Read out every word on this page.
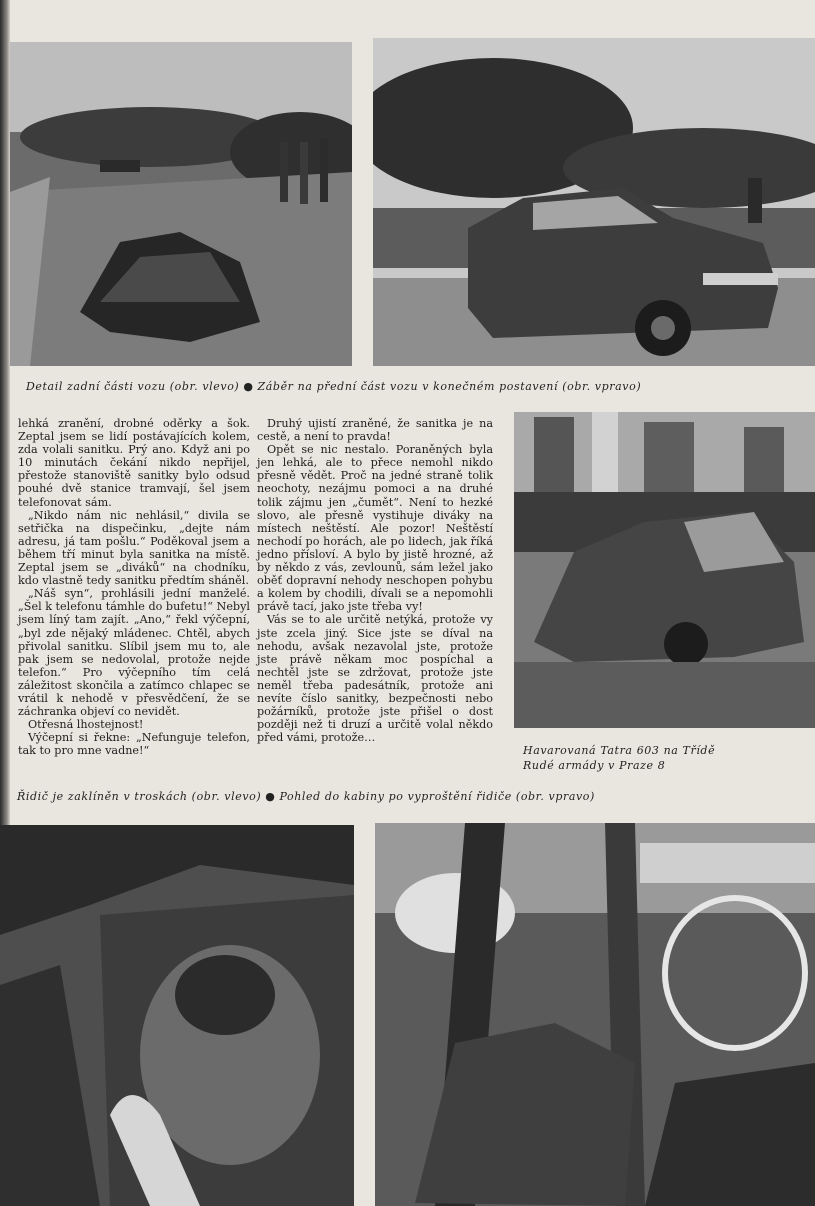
Detail zadní části vozu (obr. vlevo) ● Záběr na přední část vozu v konečném postavení (obr. vpravo)

lehká zranění, drobné oděrky a šok. Zeptal jsem se lidí postávajících kolem, zda volali sanitku. Prý ano. Když ani po 10 minutách čekání nikdo nepřijel, přestože stanoviště sanitky bylo odsud pouhé dvě stanice tramvají, šel jsem telefonovat sám.

„Nikdo nám nic nehlásil,“ divila se setřička na dispečinku, „dejte nám adresu, já tam pošlu.“ Poděkoval jsem a během tří minut byla sanitka na místě. Zeptal jsem se „diváků“ na chodníku, kdo vlastně tedy sanitku předtím sháněl.

„Náš syn“, prohlásili jední manželé. „Šel k telefonu támhle do bufetu!“ Nebyl jsem líný tam zajít. „Ano,“ řekl výčepní, „byl zde nějaký mládenec. Chtěl, abych přivolal sanitku. Slíbil jsem mu to, ale pak jsem se nedovolal, protože nejde telefon.“ Pro výčepního tím celá záležitost skončila a zatímco chlapec se vrátil k nehodě v přesvědčení, že se záchranka objeví co nevidět.

Otřesná lhostejnost!

Výčepní si řekne: „Nefunguje telefon, tak to pro mne vadne!“

Druhý ujistí zraněné, že sanitka je na cestě, a není to pravda!

Opět se nic nestalo. Poraněných byla jen lehká, ale to přece nemohl nikdo přesně vědět. Proč na jedné straně tolik neochoty, nezájmu pomoci a na druhé tolik zájmu jen „čumět“. Není to hezké slovo, ale přesně vystihuje diváky na místech neštěstí. Ale pozor! Neštěstí nechodí po horách, ale po lidech, jak říká jedno přísloví. A bylo by jistě hrozné, až by někdo z vás, zevlounů, sám ležel jako oběť dopravní nehody neschopen pohybu a kolem by chodili, dívali se a nepomohli právě tací, jako jste třeba vy!

Vás se to ale určitě netýká, protože vy jste zcela jiný. Sice jste se díval na nehodu, avšak nezavolal jste, protože jste právě někam moc pospíchal a nechtěl jste se zdržovat, protože jste neměl třeba padesátník, protože ani nevíte číslo sanitky, bezpečnosti nebo požárníků, protože jste přišel o dost později než ti druzí a určitě volal někdo před vámi, protože…

Havarovaná Tatra 603 na Třídě
Rudé armády v Praze 8
Řidič je zaklíněn v troskách (obr. vlevo) ● Pohled do kabiny po vyproštění řidiče (obr. vpravo)
